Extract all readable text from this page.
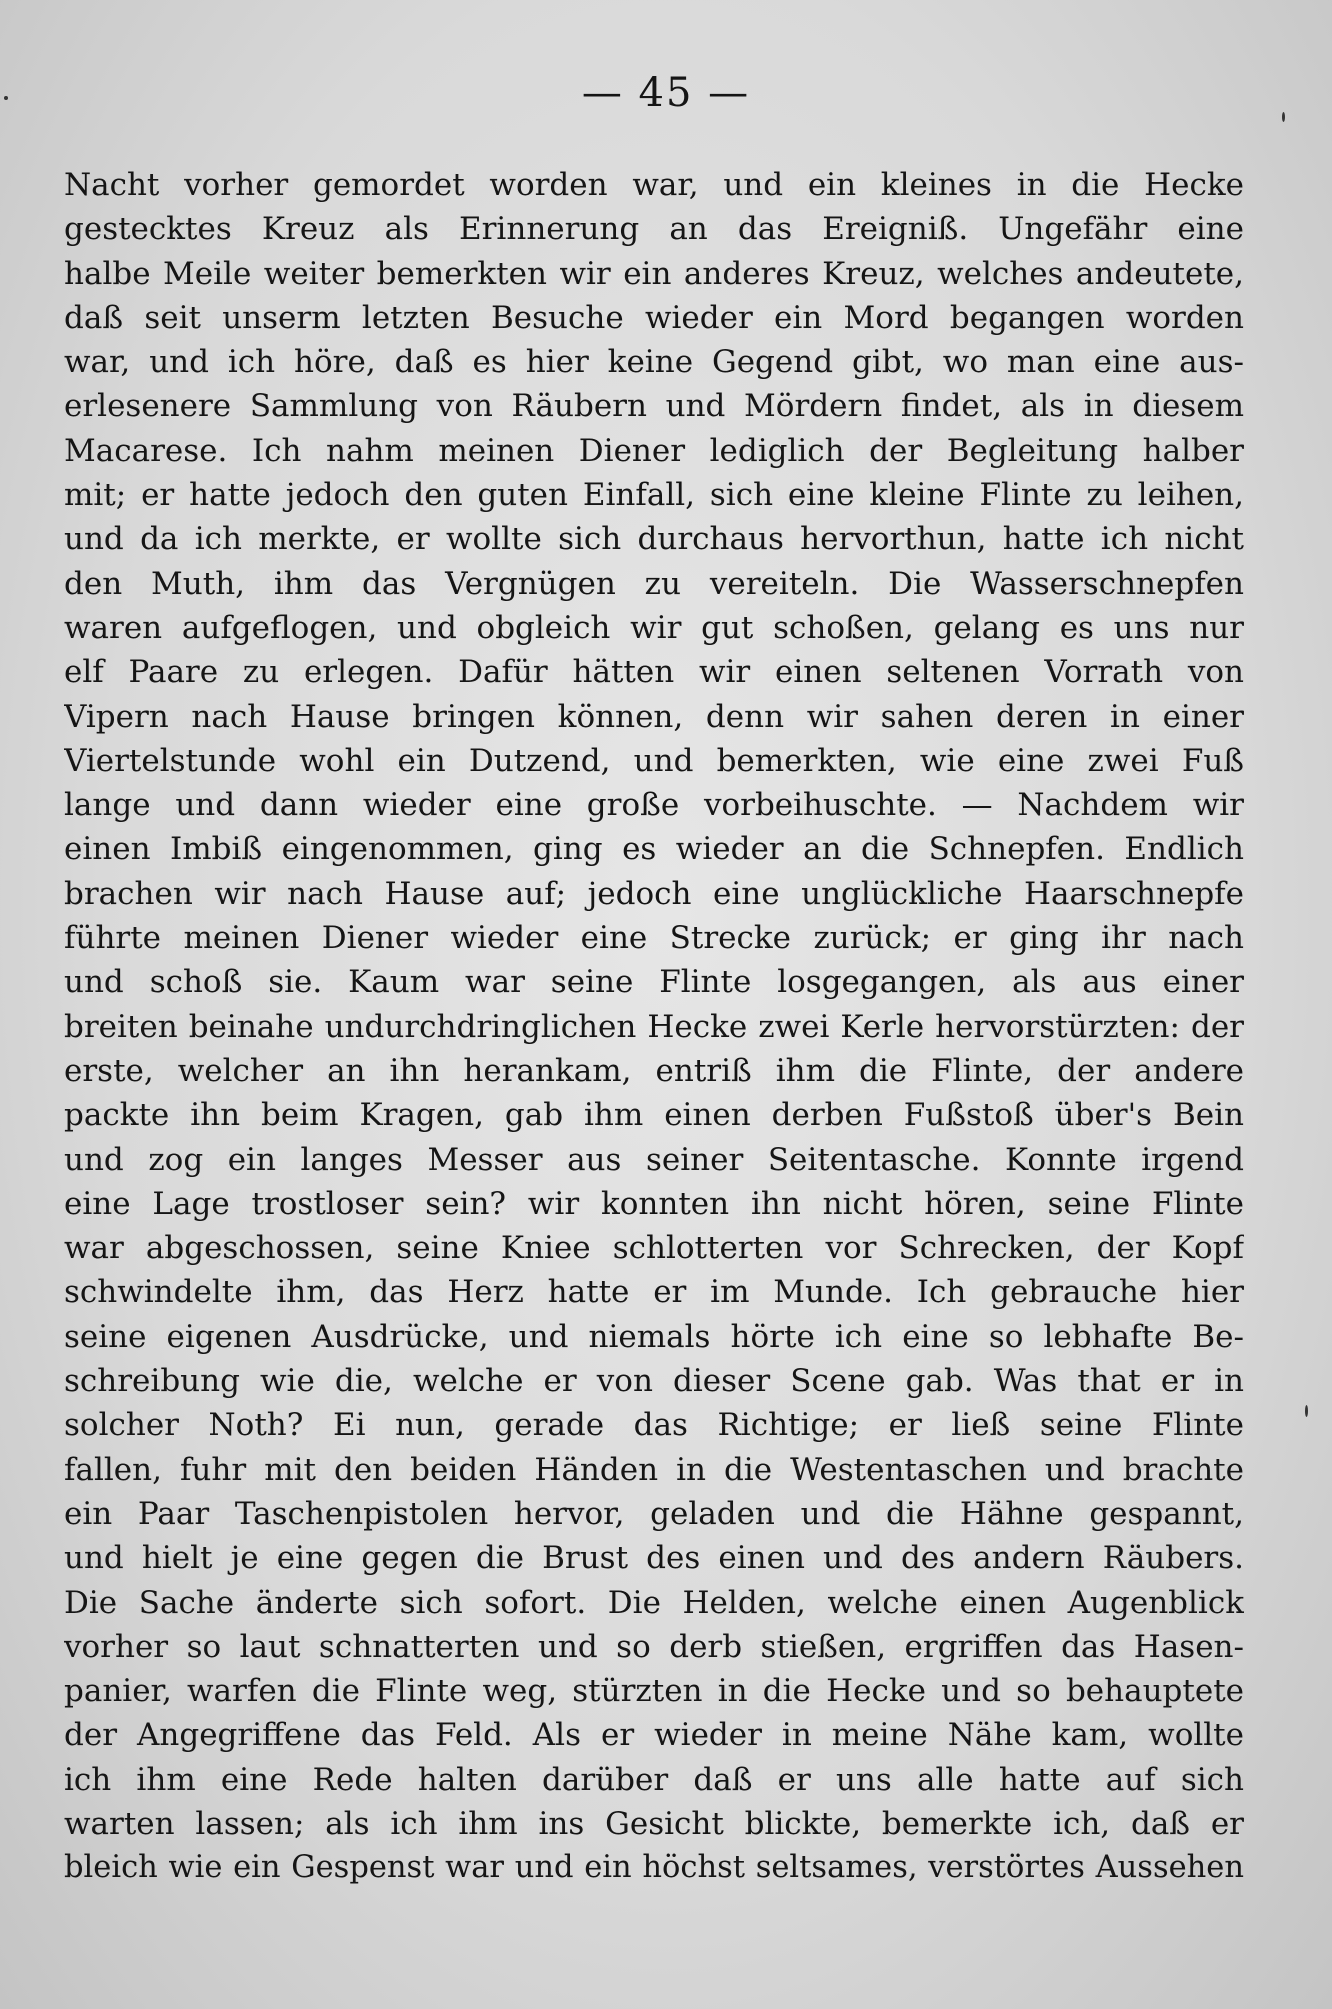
— 45 —
Nacht vorher gemordet worden war, und ein kleines in die Hecke
gestecktes Kreuz als Erinnerung an das Ereigniß. Ungefähr eine
halbe Meile weiter bemerkten wir ein anderes Kreuz, welches andeutete,
daß seit unserm letzten Besuche wieder ein Mord begangen worden
war, und ich höre, daß es hier keine Gegend gibt, wo man eine aus-
erlesenere Sammlung von Räubern und Mördern findet, als in diesem
Macarese. Ich nahm meinen Diener lediglich der Begleitung halber
mit; er hatte jedoch den guten Einfall, sich eine kleine Flinte zu leihen,
und da ich merkte, er wollte sich durchaus hervorthun, hatte ich nicht
den Muth, ihm das Vergnügen zu vereiteln. Die Wasserschnepfen
waren aufgeflogen, und obgleich wir gut schoßen, gelang es uns nur
elf Paare zu erlegen. Dafür hätten wir einen seltenen Vorrath von
Vipern nach Hause bringen können, denn wir sahen deren in einer
Viertelstunde wohl ein Dutzend, und bemerkten, wie eine zwei Fuß
lange und dann wieder eine große vorbeihuschte. — Nachdem wir
einen Imbiß eingenommen, ging es wieder an die Schnepfen. Endlich
brachen wir nach Hause auf; jedoch eine unglückliche Haarschnepfe
führte meinen Diener wieder eine Strecke zurück; er ging ihr nach
und schoß sie. Kaum war seine Flinte losgegangen, als aus einer
breiten beinahe undurchdringlichen Hecke zwei Kerle hervorstürzten: der
erste, welcher an ihn herankam, entriß ihm die Flinte, der andere
packte ihn beim Kragen, gab ihm einen derben Fußstoß über's Bein
und zog ein langes Messer aus seiner Seitentasche. Konnte irgend
eine Lage trostloser sein? wir konnten ihn nicht hören, seine Flinte
war abgeschossen, seine Kniee schlotterten vor Schrecken, der Kopf
schwindelte ihm, das Herz hatte er im Munde. Ich gebrauche hier
seine eigenen Ausdrücke, und niemals hörte ich eine so lebhafte Be-
schreibung wie die, welche er von dieser Scene gab. Was that er in
solcher Noth? Ei nun, gerade das Richtige; er ließ seine Flinte
fallen, fuhr mit den beiden Händen in die Westentaschen und brachte
ein Paar Taschenpistolen hervor, geladen und die Hähne gespannt,
und hielt je eine gegen die Brust des einen und des andern Räubers.
Die Sache änderte sich sofort. Die Helden, welche einen Augenblick
vorher so laut schnatterten und so derb stießen, ergriffen das Hasen-
panier, warfen die Flinte weg, stürzten in die Hecke und so behauptete
der Angegriffene das Feld. Als er wieder in meine Nähe kam, wollte
ich ihm eine Rede halten darüber daß er uns alle hatte auf sich
warten lassen; als ich ihm ins Gesicht blickte, bemerkte ich, daß er
bleich wie ein Gespenst war und ein höchst seltsames, verstörtes Aussehen
